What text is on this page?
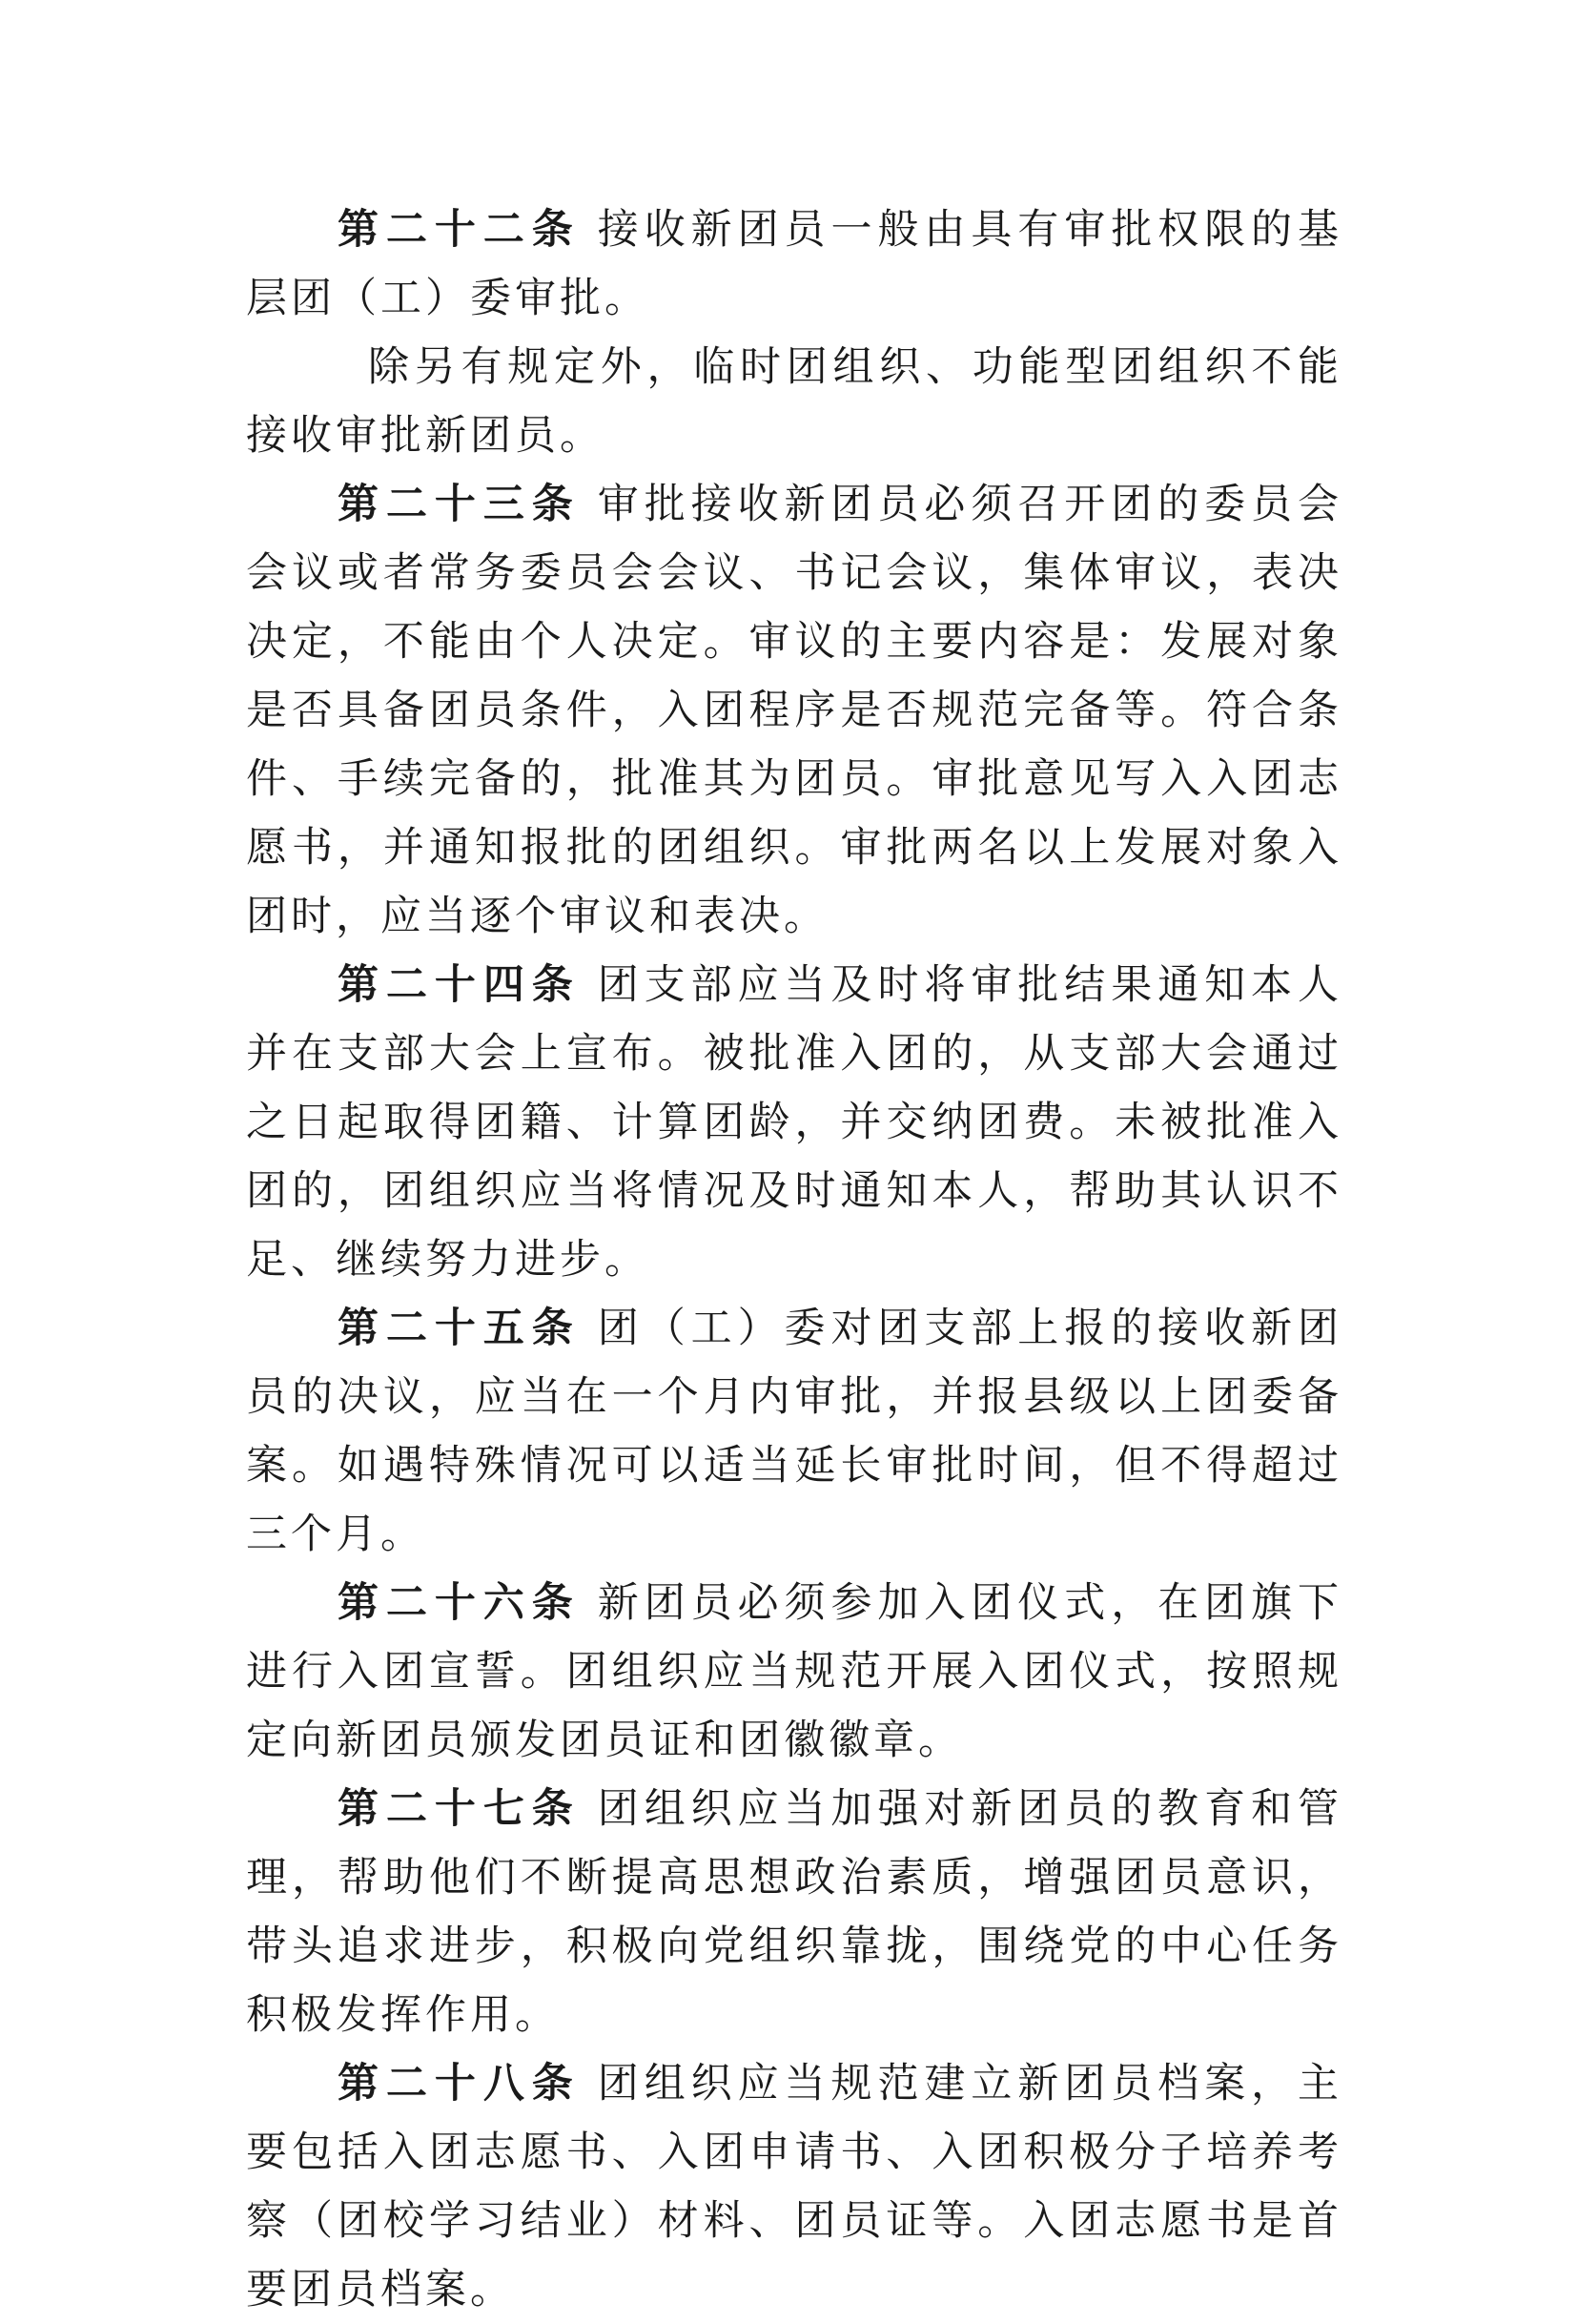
第二十二条 接收新团员一般由具有审批权限的基层团（工）委审批。

除另有规定外，临时团组织、功能型团组织不能接收审批新团员。

第二十三条 审批接收新团员必须召开团的委员会会议或者常务委员会会议、书记会议，集体审议，表决决定，不能由个人决定。审议的主要内容是：发展对象是否具备团员条件，入团程序是否规范完备等。符合条件、手续完备的，批准其为团员。审批意见写入入团志愿书，并通知报批的团组织。审批两名以上发展对象入团时，应当逐个审议和表决。

第二十四条 团支部应当及时将审批结果通知本人并在支部大会上宣布。被批准入团的，从支部大会通过之日起取得团籍、计算团龄，并交纳团费。未被批准入团的，团组织应当将情况及时通知本人，帮助其认识不足、继续努力进步。

第二十五条 团（工）委对团支部上报的接收新团员的决议，应当在一个月内审批，并报县级以上团委备案。如遇特殊情况可以适当延长审批时间，但不得超过三个月。

第二十六条 新团员必须参加入团仪式，在团旗下进行入团宣誓。团组织应当规范开展入团仪式，按照规定向新团员颁发团员证和团徽徽章。

第二十七条 团组织应当加强对新团员的教育和管理，帮助他们不断提高思想政治素质，增强团员意识，带头追求进步，积极向党组织靠拢，围绕党的中心任务积极发挥作用。

第二十八条 团组织应当规范建立新团员档案，主要包括入团志愿书、入团申请书、入团积极分子培养考察（团校学习结业）材料、团员证等。入团志愿书是首要团员档案。
